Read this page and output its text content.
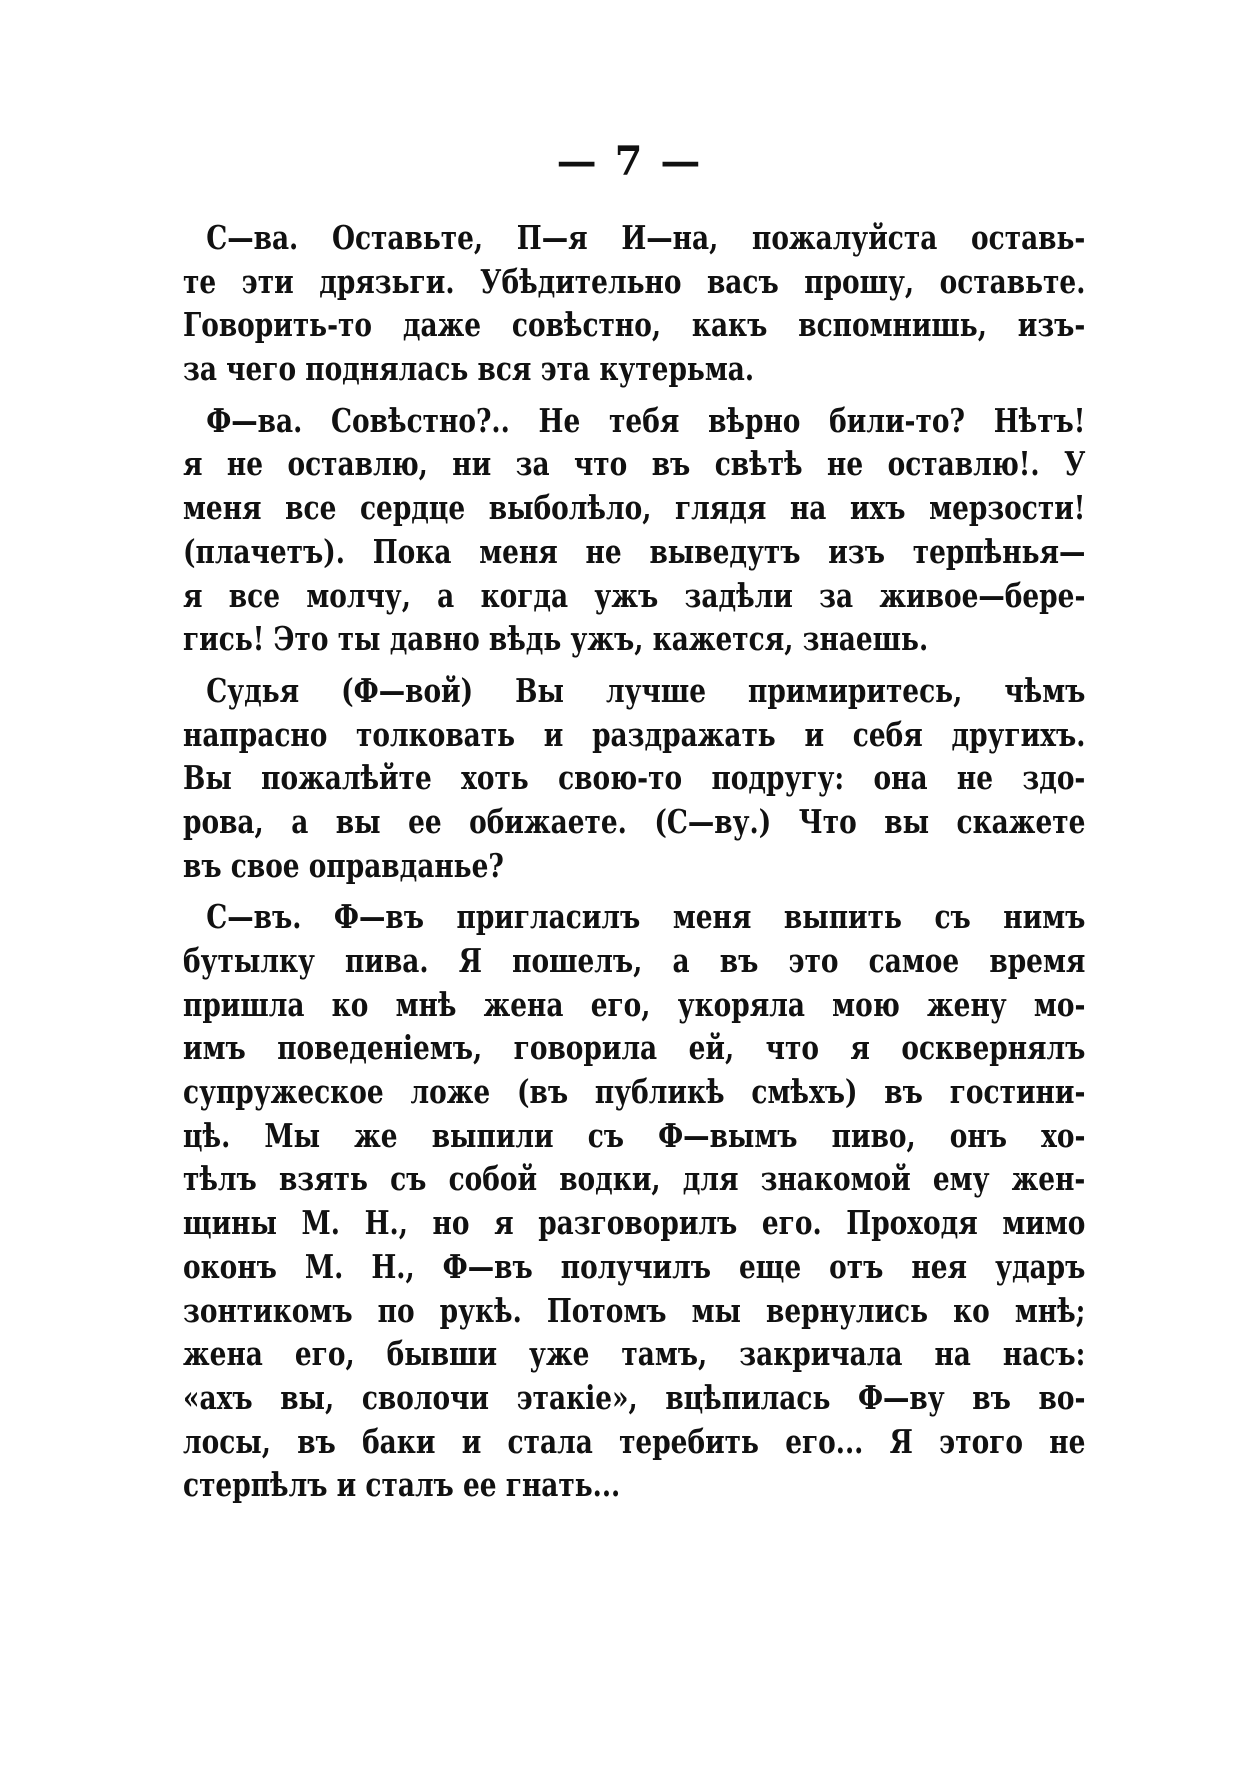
— 7 —
С—ва. Оставьте, П—я И—на, пожалуйста оставь-
те эти дрязьги. Убѣдительно васъ прошу, оставьте.
Говорить-то даже совѣстно, какъ вспомнишь, изъ-
за чего поднялась вся эта кутерьма.
Ф—ва. Совѣстно?.. Не тебя вѣрно били-то? Нѣтъ!
я не оставлю, ни за что въ свѣтѣ не оставлю!. У
меня все сердце выболѣло, глядя на ихъ мерзости!
(плачетъ). Пока меня не выведутъ изъ терпѣнья—
я все молчу, а когда ужъ задѣли за живое—бере-
гись! Это ты давно вѣдь ужъ, кажется, знаешь.
Судья (Ф—вой) Вы лучше примиритесь, чѣмъ
напрасно толковать и раздражать и себя другихъ.
Вы пожалѣйте хоть свою-то подругу: она не здо-
рова, а вы ее обижаете. (С—ву.) Что вы скажете
въ свое оправданье?
С—въ. Ф—въ пригласилъ меня выпить съ нимъ
бутылку пива. Я пошелъ, а въ это самое время
пришла ко мнѣ жена его, укоряла мою жену мо-
имъ поведенiемъ, говорила ей, что я осквернялъ
супружеское ложе (въ публикѣ смѣхъ) въ гостини-
цѣ. Мы же выпили съ Ф—вымъ пиво, онъ хо-
тѣлъ взять съ собой водки, для знакомой ему жен-
щины М. Н., но я разговорилъ его. Проходя мимо
оконъ М. Н., Ф—въ получилъ еще отъ нея ударъ
зонтикомъ по рукѣ. Потомъ мы вернулись ко мнѣ;
жена его, бывши уже тамъ, закричала на насъ:
«ахъ вы, сволочи этакiе», вцѣпилась Ф—ву въ во-
лосы, въ баки и стала теребить его... Я этого не
стерпѣлъ и сталъ ее гнать...
